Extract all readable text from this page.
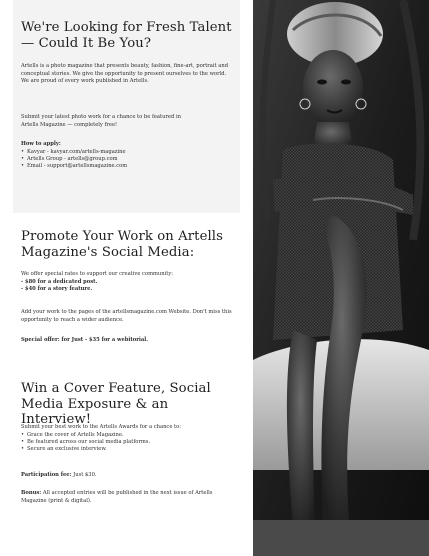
We're Looking for Fresh Talent — Could It Be You?

Artells is a photo magazine that presents beauty, fashion, fine-art, portrait and conceptual stories. We give the opportunity to present ourselves to the world. We are proud of every work published in Artells.

Submit your latest photo work for a chance to be featured in Artells Magazine — completely free!

How to apply:

• Kavyar - kavyar.com/artells-magazine
• Artells Group - artells@group.com
• Email - support@artellsmagazine.com
Promote Your Work on Artells Magazine's Social Media:

We offer special rates to support our creative community:

- $80 for a dedicated post.

- $40 for a story feature.

Add your work to the pages of the artellsmagazine.com Website. Don't miss this opportunity to reach a wider audience.

Special offer: for Just - $35 for a webitorial.

Win a Cover Feature, Social Media Exposure & an Interview!

Submit your best work to the Artells Awards for a chance to:

• Grace the cover of Artells Magazine.
• Be featured across our social media platforms.
• Secure an exclusive interview.

Participation fee: Just $30.

Bonus: All accepted entries will be published in the next issue of Artells Magazine (print & digital).
